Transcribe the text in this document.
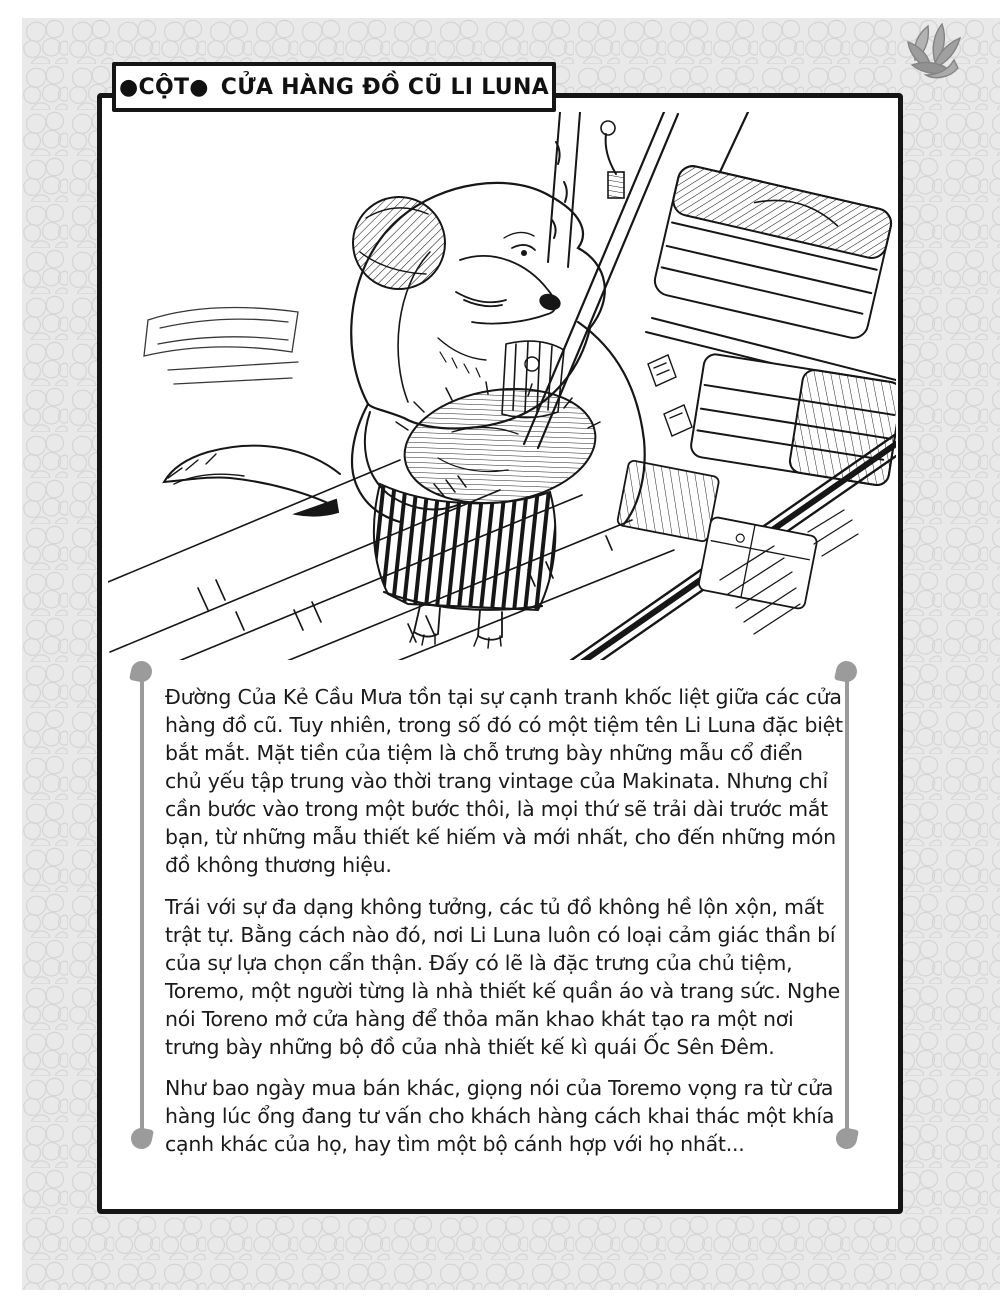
Đường Của Kẻ Cầu Mưa tồn tại sự cạnh tranh khốc liệt giữa các cửa hàng đồ cũ. Tuy nhiên, trong số đó có một tiệm tên Li Luna đặc biệt bắt mắt. Mặt tiền của tiệm là chỗ trưng bày những mẫu cổ điển chủ yếu tập trung vào thời trang vintage của Makinata. Nhưng chỉ cần bước vào trong một bước thôi, là mọi thứ sẽ trải dài trước mắt bạn, từ những mẫu thiết kế hiếm và mới nhất, cho đến những món đồ không thương hiệu.

Trái với sự đa dạng không tưởng, các tủ đồ không hề lộn xộn, mất trật tự. Bằng cách nào đó, nơi Li Luna luôn có loại cảm giác thần bí của sự lựa chọn cẩn thận. Đấy có lẽ là đặc trưng của chủ tiệm, Toremo, một người từng là nhà thiết kế quần áo và trang sức. Nghe nói Toreno mở cửa hàng để thỏa mãn khao khát tạo ra một nơi trưng bày những bộ đồ của nhà thiết kế kì quái Ốc Sên Đêm.

Như bao ngày mua bán khác, giọng nói của Toremo vọng ra từ cửa hàng lúc ổng đang tư vấn cho khách hàng cách khai thác một khía cạnh khác của họ, hay tìm một bộ cánh hợp với họ nhất...

●CỘT● CỬA HÀNG ĐỒ CŨ LI LUNA
